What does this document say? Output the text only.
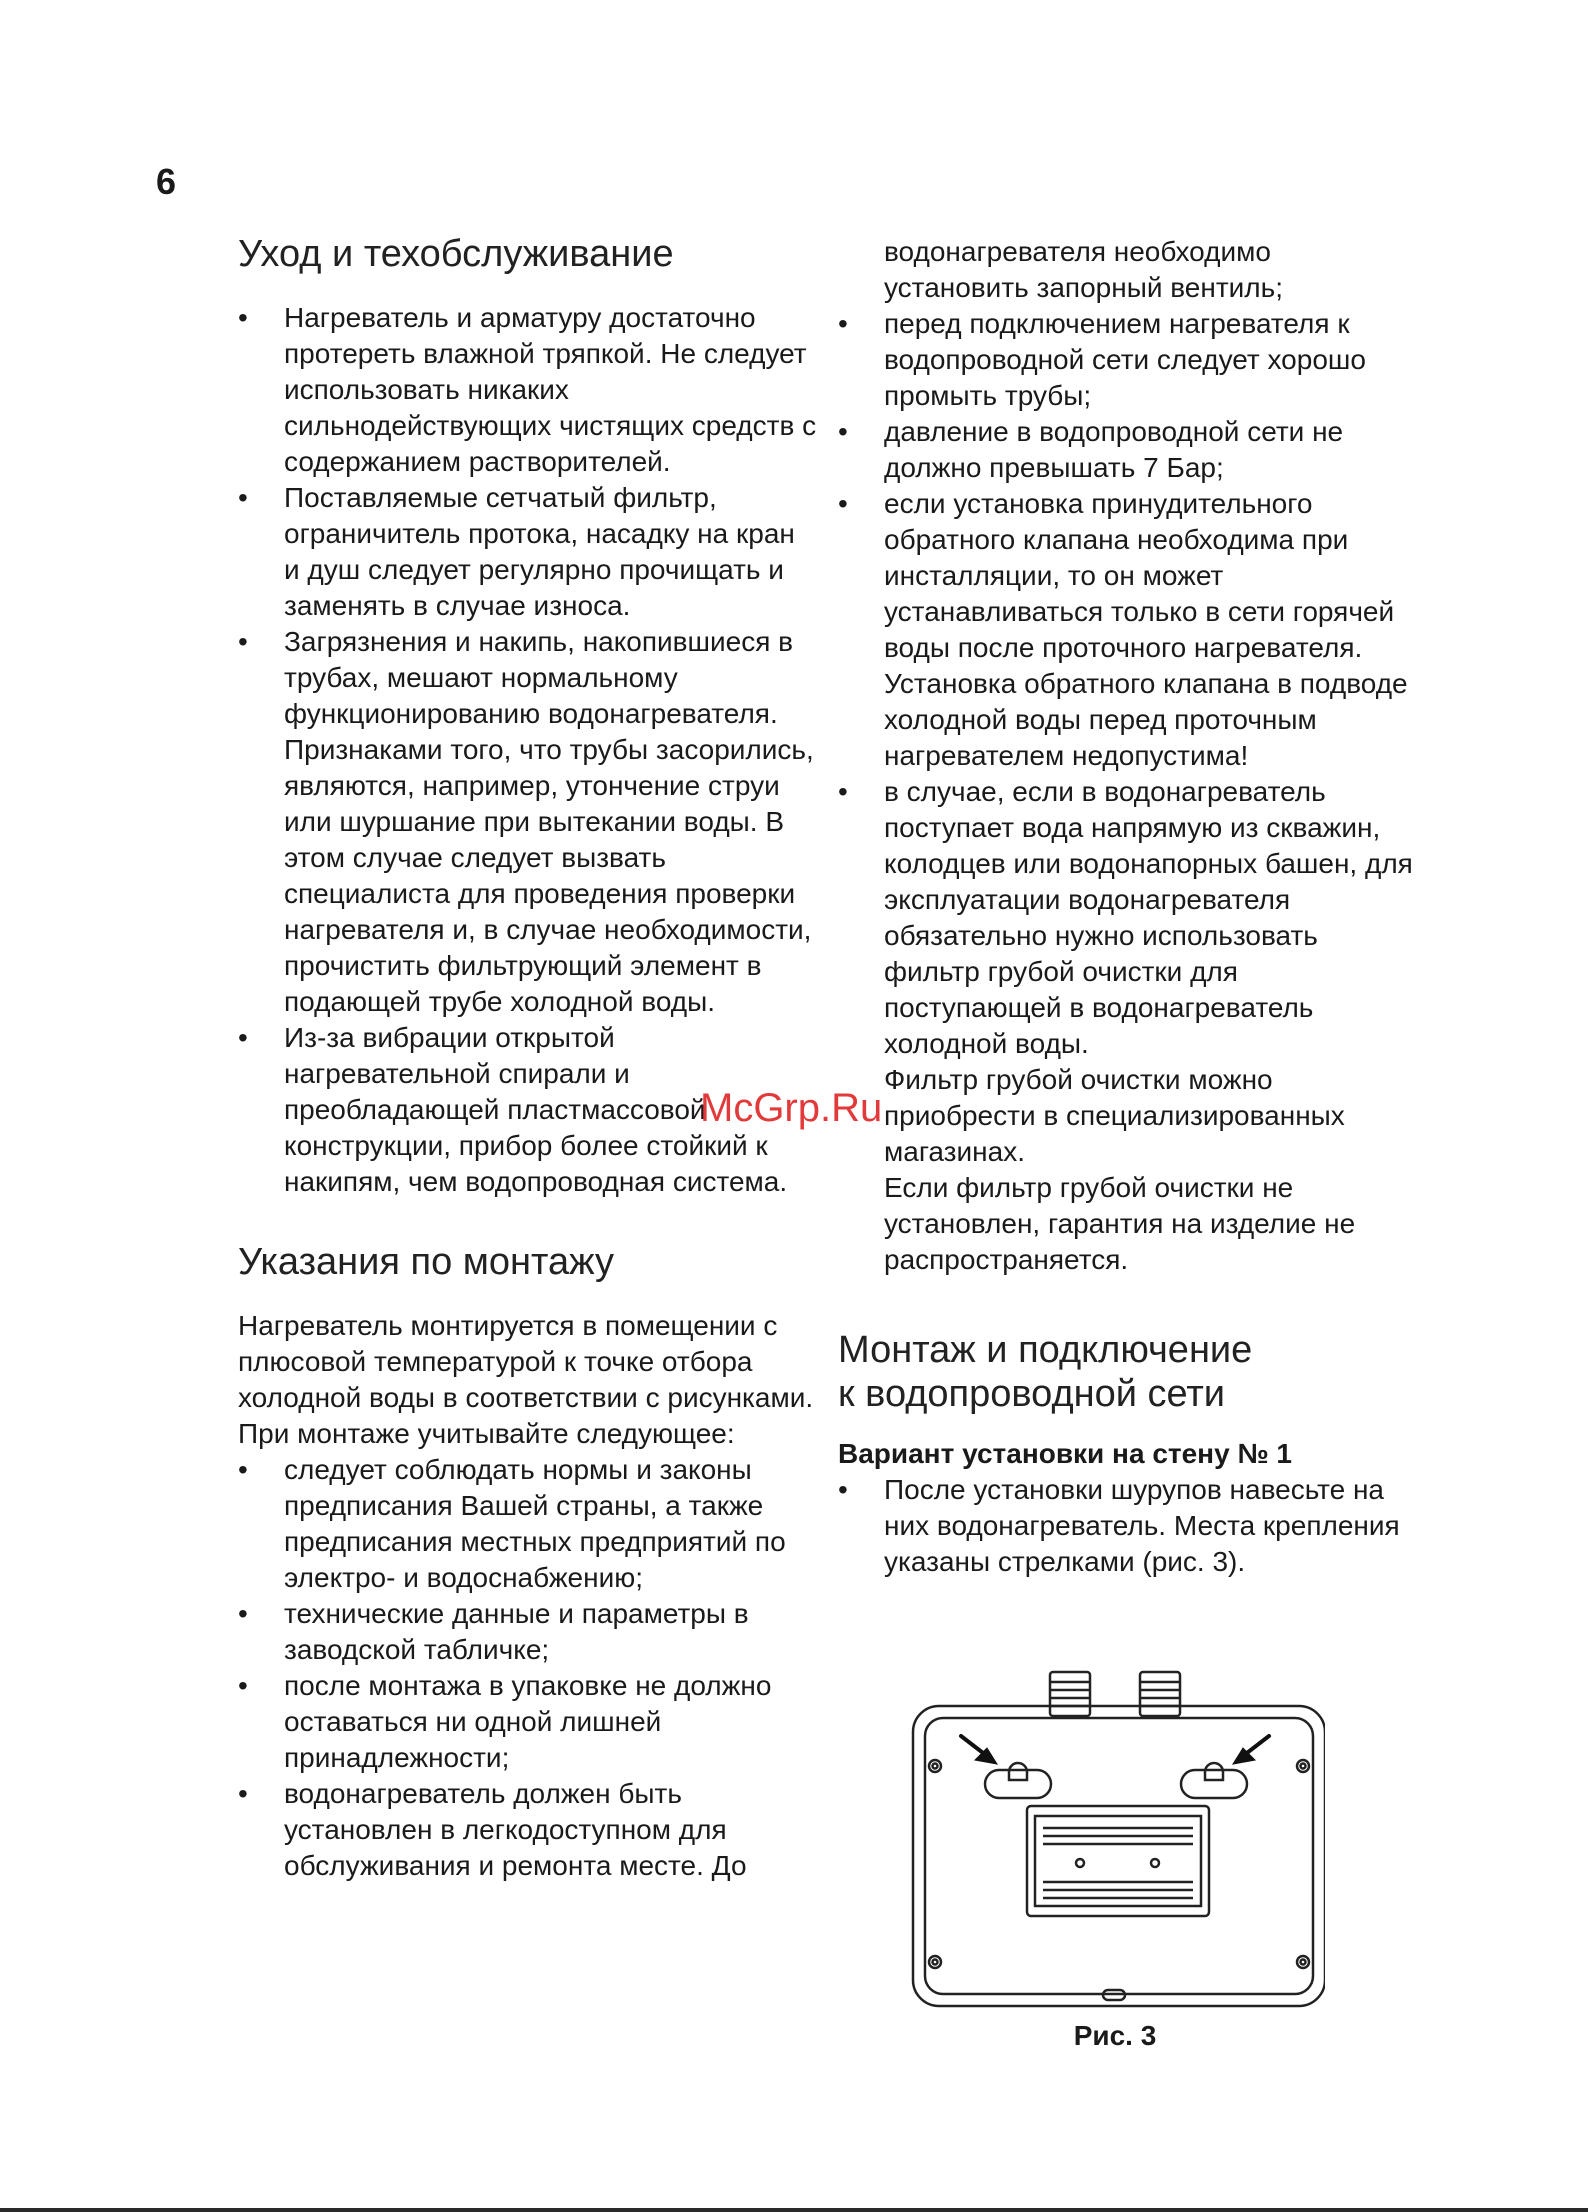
6
Уход и техобслуживание
• Нагреватель и арматуру достаточно протереть влажной тряпкой. Не следует использовать никаких сильнодействующих чистящих средств с содержанием растворителей.
• Поставляемые сетчатый фильтр, ограничитель протока, насадку на кран и душ следует регулярно прочищать и заменять в случае износа.
• Загрязнения и накипь, накопившиеся в трубах, мешают нормальному функционированию водонагревателя. Признаками того, что трубы засорились, являются, например, утончение струи или шуршание при вытекании воды. В этом случае следует вызвать специалиста для проведения проверки нагревателя и, в случае необходимости, прочистить фильтрующий элемент в подающей трубе холодной воды.
• Из-за вибрации открытой нагревательной спирали и преобладающей пластмассовой конструкции, прибор более стойкий к накипям, чем водопроводная система.
Указания по монтажу

Нагреватель монтируется в помещении с плюсовой температурой к точке отбора холодной воды в соответствии с рисунками. При монтаже учитывайте следующее:

• следует соблюдать нормы и законы предписания Вашей страны, а также предписания местных предприятий по электро- и водоснабжению;
• технические данные и параметры в заводской табличке;
• после монтажа в упаковке не должно оставаться ни одной лишней принадлежности;
• водонагреватель должен быть установлен в легкодоступном для обслуживания и ремонта месте. До

водонагревателя необходимо установить запорный вентиль;

• перед подключением нагревателя к водопроводной сети следует хорошо промыть трубы;
• давление в водопроводной сети не должно превышать 7 Бар;
• если установка принудительного обратного клапана необходима при инсталляции, то он может устанавливаться только в сети горячей воды после проточного нагревателя. Установка обратного клапана в подводе холодной воды перед проточным нагревателем недопустима!
• в случае, если в водонагреватель поступает вода напрямую из скважин, колодцев или водонапорных башен, для эксплуатации водонагревателя обязательно нужно использовать фильтр грубой очистки для поступающей в водонагреватель холодной воды.

Фильтр грубой очистки можно приобрести в специализированных магазинах.

Если фильтр грубой очистки не установлен, гарантия на изделие не распространяется.

Монтаж и подключение
к водопроводной сети

Вариант установки на стену № 1

• После установки шурупов навесьте на них водонагреватель. Места крепления указаны стрелками (рис. 3).
Рис. 3
McGrp.Ru
